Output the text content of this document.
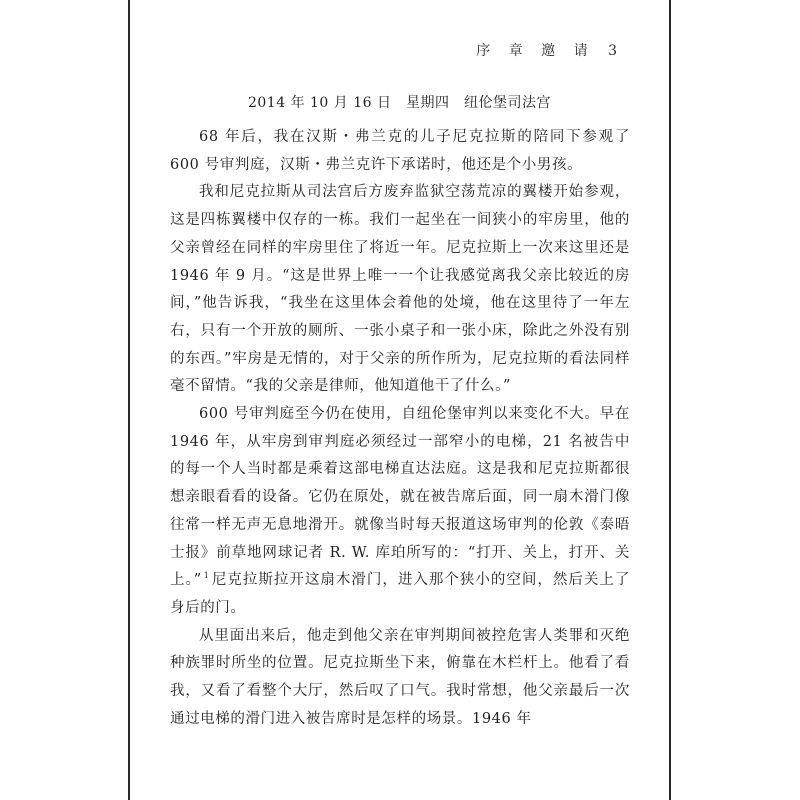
序 章 邀 请 3
2014 年 10 月 16 日　星期四　纽伦堡司法宫

68 年后，我在汉斯・弗兰克的儿子尼克拉斯的陪同下参观了 600 号审判庭，汉斯・弗兰克许下承诺时，他还是个小男孩。

我和尼克拉斯从司法宫后方废弃监狱空荡荒凉的翼楼开始参观，这是四栋翼楼中仅存的一栋。我们一起坐在一间狭小的牢房里，他的父亲曾经在同样的牢房里住了将近一年。尼克拉斯上一次来这里还是 1946 年 9 月。“这是世界上唯一一个让我感觉离我父亲比较近的房间，”他告诉我，“我坐在这里体会着他的处境，他在这里待了一年左右，只有一个开放的厕所、一张小桌子和一张小床，除此之外没有别的东西。”牢房是无情的，对于父亲的所作所为，尼克拉斯的看法同样毫不留情。“我的父亲是律师，他知道他干了什么。”

600 号审判庭至今仍在使用，自纽伦堡审判以来变化不大。早在 1946 年，从牢房到审判庭必须经过一部窄小的电梯，21 名被告中的每一个人当时都是乘着这部电梯直达法庭。这是我和尼克拉斯都很想亲眼看看的设备。它仍在原处，就在被告席后面，同一扇木滑门像往常一样无声无息地滑开。就像当时每天报道这场审判的伦敦《泰晤士报》前草地网球记者 R. W. 库珀所写的：“打开、关上，打开、关上。” $^1$ 尼克拉斯拉开这扇木滑门，进入那个狭小的空间，然后关上了身后的门。

从里面出来后，他走到他父亲在审判期间被控危害人类罪和灭绝种族罪时所坐的位置。尼克拉斯坐下来，俯靠在木栏杆上。他看了看我，又看了看整个大厅，然后叹了口气。我时常想，他父亲最后一次通过电梯的滑门进入被告席时是怎样的场景。1946 年
